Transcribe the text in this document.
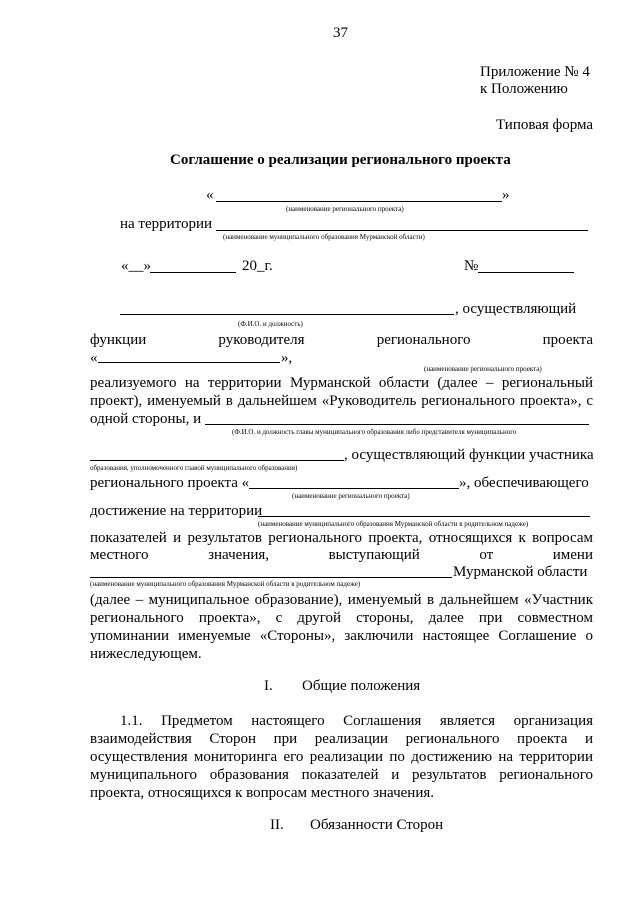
37
Приложение № 4
к Положению
Типовая форма
Соглашение о реализации регионального проекта
«	»
(наименование регионального проекта)
на территории
(наименование муниципального образования Мурманской области)
«__»	20_г.	№
, осуществляющий
(Ф.И.О. и должность)
функции руководителя регионального проекта
«	»,
(наименование регионального проекта)
реализуемого на территории Мурманской области (далее – региональный
проект), именуемый в дальнейшем «Руководитель регионального проекта», с
одной стороны, и
(Ф.И.О. и должность главы муниципального образования либо представителя муниципального
, осуществляющий функции участника
образования, уполномоченного главой муниципального образования)
регионального проекта «	», обеспечивающего
(наименование регионального проекта)
достижение на территории
(наименование муниципального образования Мурманской области в родительном падеже)
показателей и результатов регионального проекта, относящихся к вопросам
местного значения, выступающий от имени
Мурманской области
(наименование муниципального образования Мурманской области в родительном падеже)
(далее – муниципальное образование), именуемый в дальнейшем «Участник
регионального проекта», с другой стороны, далее при совместном
упоминании именуемые «Стороны», заключили настоящее Соглашение о
нижеследующем.
I. Общие положения
1.1. Предметом настоящего Соглашения является организация
взаимодействия Сторон при реализации регионального проекта и
осуществления мониторинга его реализации по достижению на территории
муниципального образования показателей и результатов регионального
проекта, относящихся к вопросам местного значения.
II. Обязанности Сторон
